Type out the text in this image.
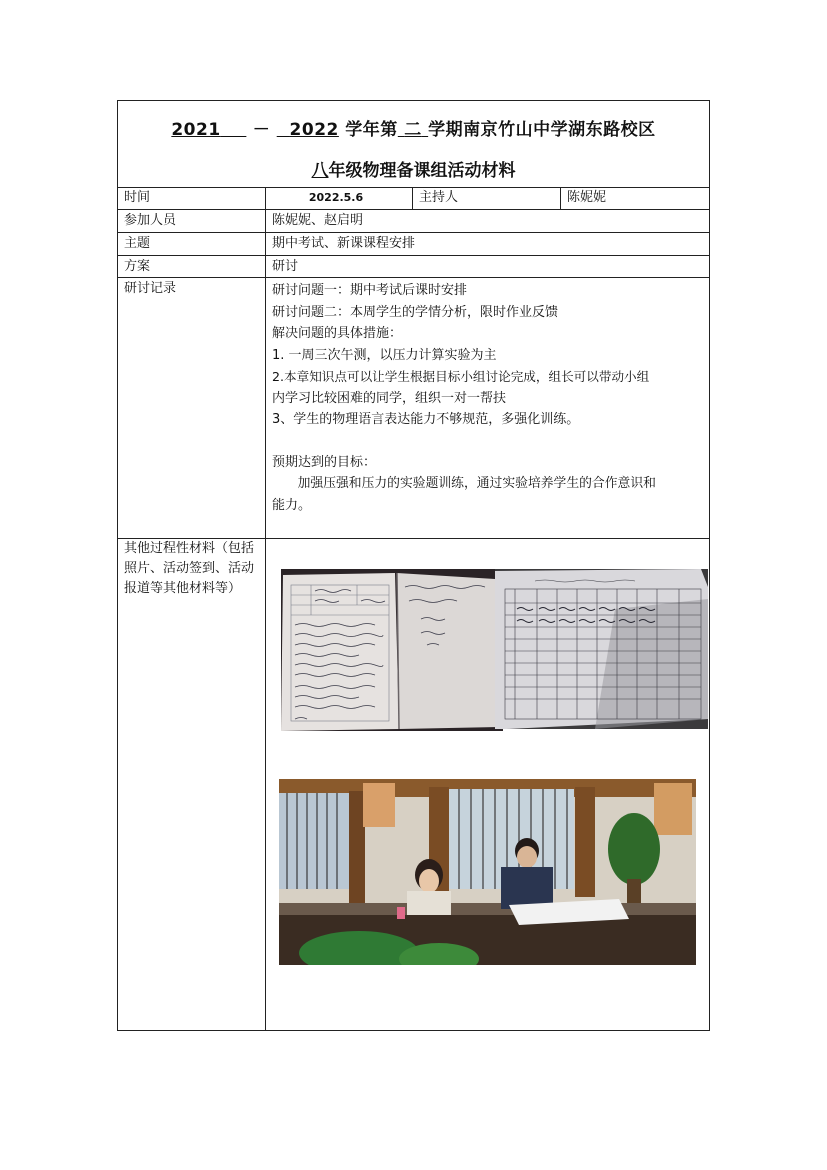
2021 － 2022 学年第 二 学期南京竹山中学湖东路校区
八年级物理备课组活动材料
时间	2022.5.6	主持人	陈妮妮
参加人员	陈妮妮、赵启明
主题	期中考试、新课课程安排
方案	研讨
研讨记录	研讨问题一：期中考试后课时安排

研讨问题二：本周学生的学情分析，限时作业反馈

解决问题的具体措施：

1. 一周三次午测，以压力计算实验为主

2.本章知识点可以让学生根据目标小组讨论完成，组长可以带动小组

内学习比较困难的同学，组织一对一帮扶

3、学生的物理语言表达能力不够规范，多强化训练。

预期达到的目标：

加强压强和压力的实验题训练，通过实验培养学生的合作意识和

能力。

其他过程性材料（包括照片、活动签到、活动报道等其他材料等）
